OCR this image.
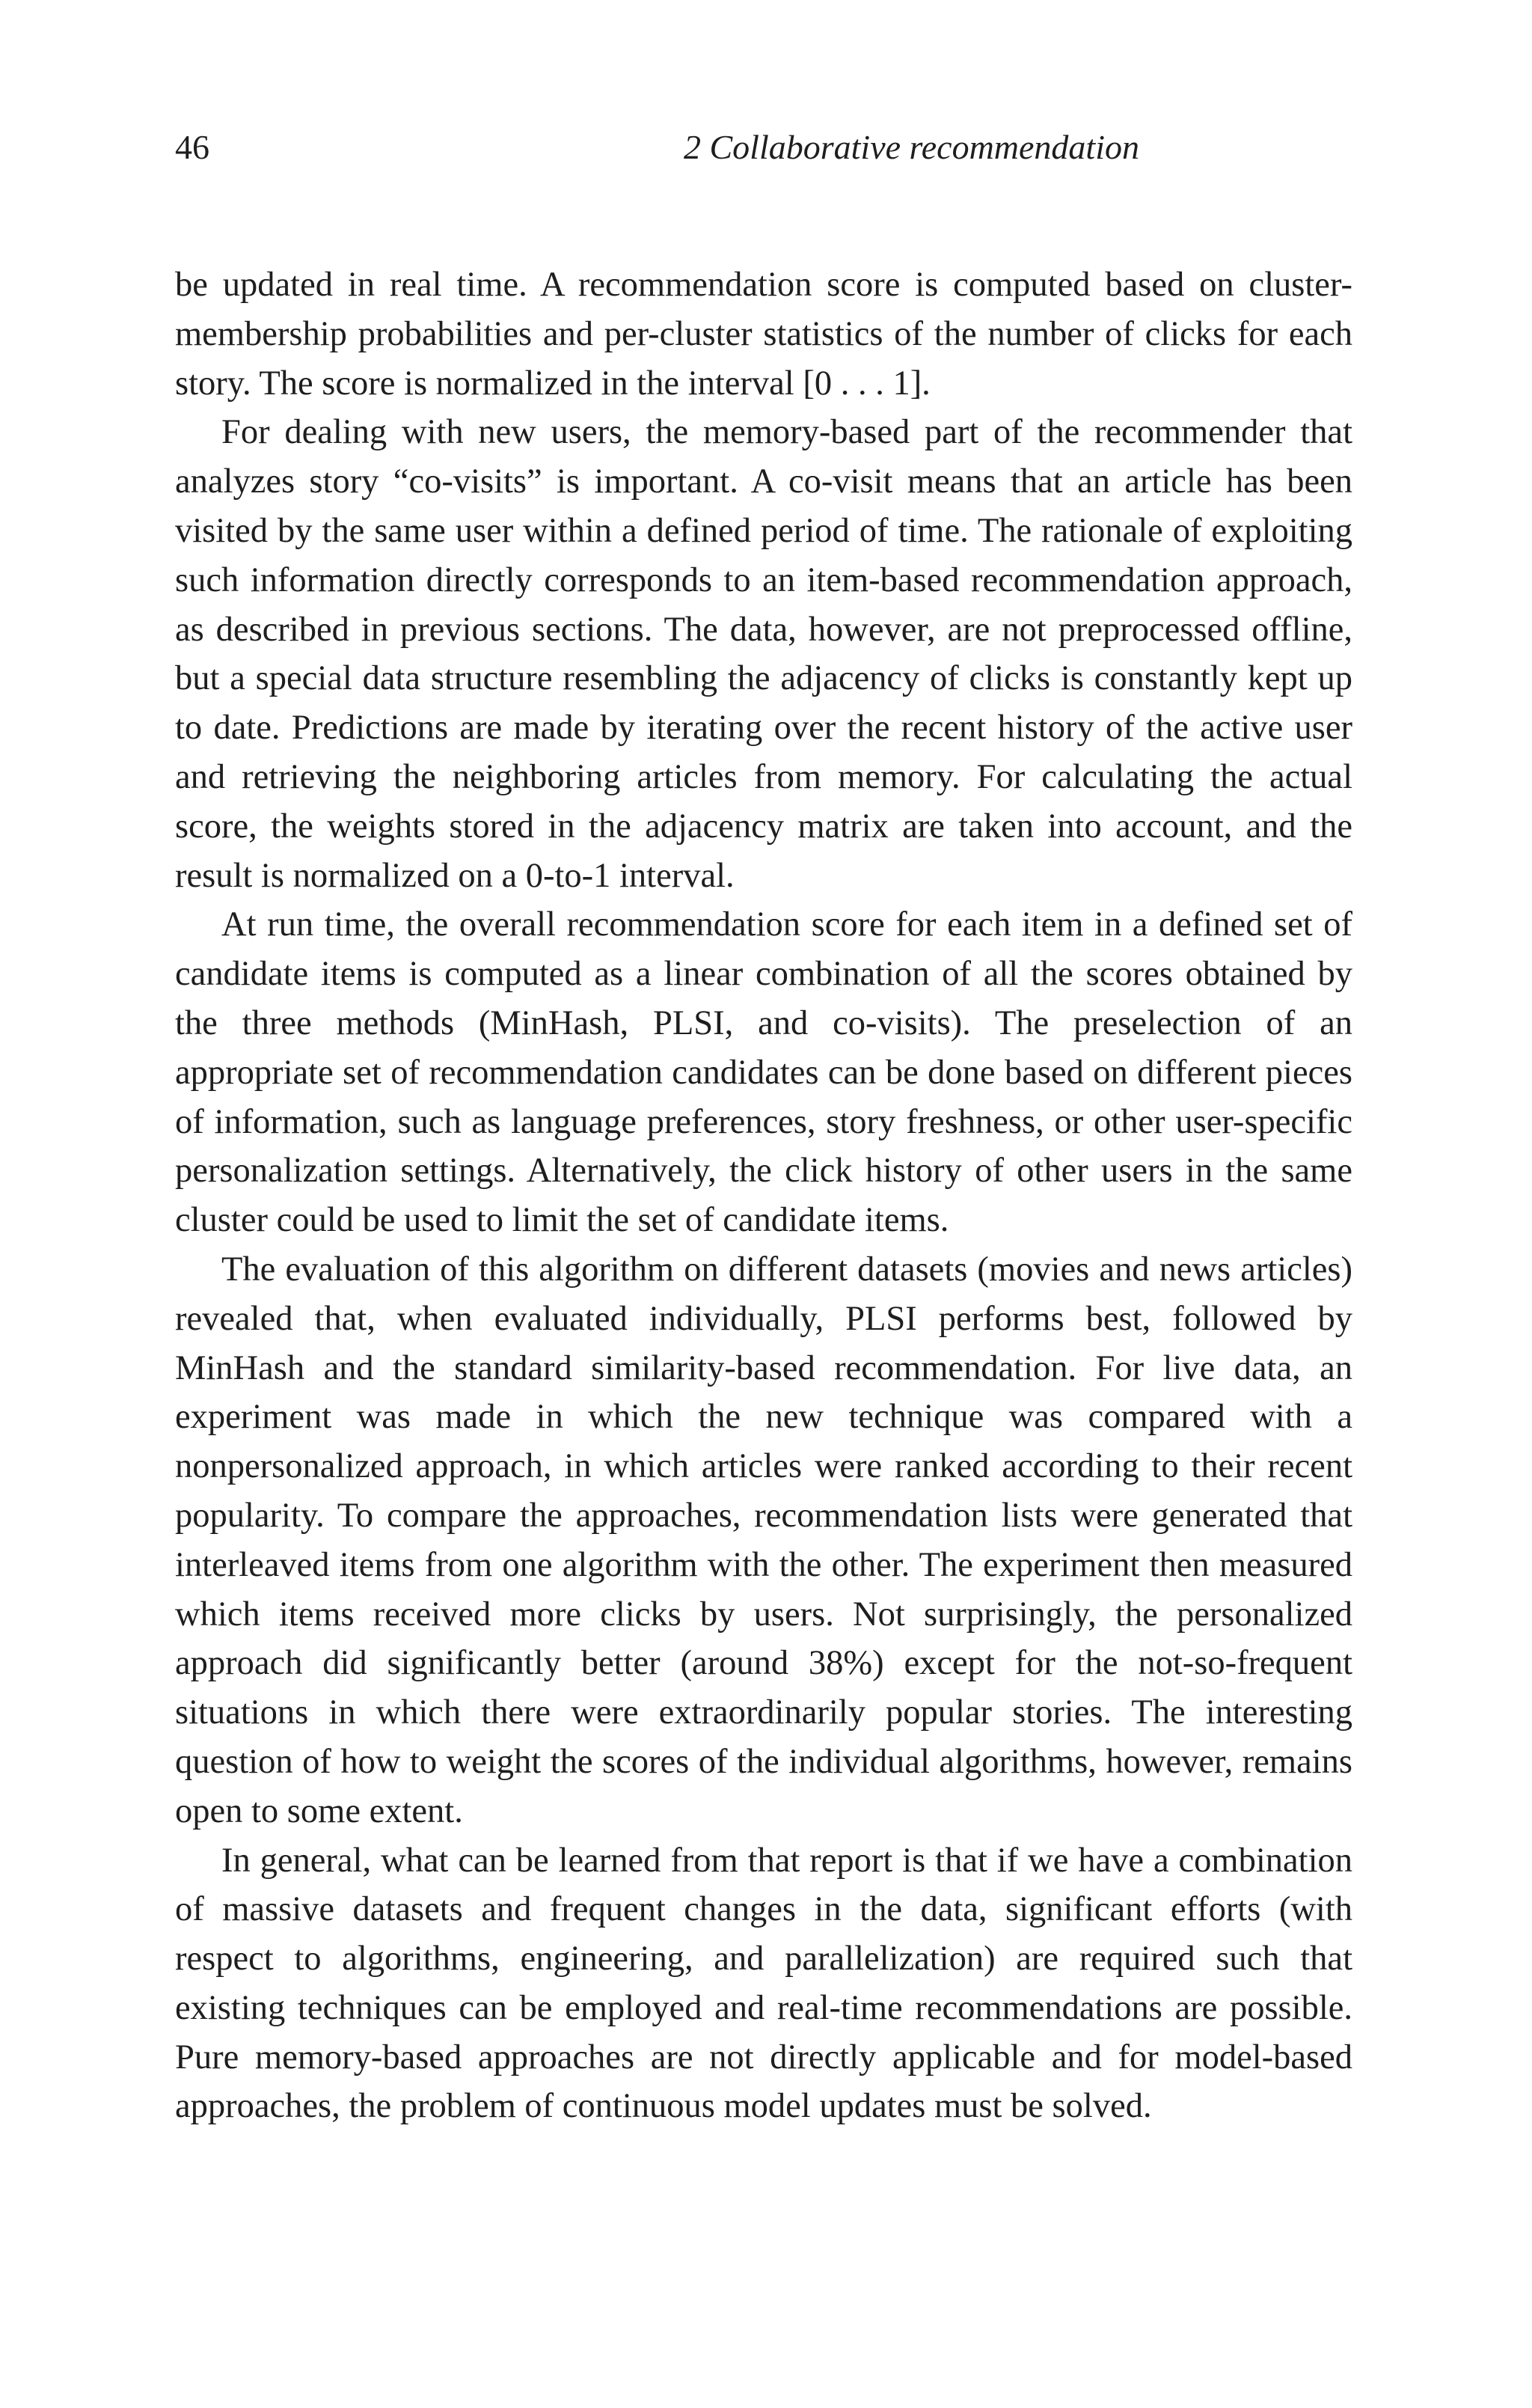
46	2 Collaborative recommendation

be updated in real time. A recommendation score is computed based on cluster-membership probabilities and per-cluster statistics of the number of clicks for each story. The score is normalized in the interval [0 . . . 1].

For dealing with new users, the memory-based part of the recommender that analyzes story “co-visits” is important. A co-visit means that an article has been visited by the same user within a defined period of time. The rationale of exploiting such information directly corresponds to an item-based recommendation approach, as described in previous sections. The data, however, are not preprocessed offline, but a special data structure resembling the adjacency of clicks is constantly kept up to date. Predictions are made by iterating over the recent history of the active user and retrieving the neighboring articles from memory. For calculating the actual score, the weights stored in the adjacency matrix are taken into account, and the result is normalized on a 0-to-1 interval.

At run time, the overall recommendation score for each item in a defined set of candidate items is computed as a linear combination of all the scores obtained by the three methods (MinHash, PLSI, and co-visits). The preselection of an appropriate set of recommendation candidates can be done based on different pieces of information, such as language preferences, story freshness, or other user-specific personalization settings. Alternatively, the click history of other users in the same cluster could be used to limit the set of candidate items.

The evaluation of this algorithm on different datasets (movies and news articles) revealed that, when evaluated individually, PLSI performs best, followed by MinHash and the standard similarity-based recommendation. For live data, an experiment was made in which the new technique was compared with a nonpersonalized approach, in which articles were ranked according to their recent popularity. To compare the approaches, recommendation lists were generated that interleaved items from one algorithm with the other. The experiment then measured which items received more clicks by users. Not surprisingly, the personalized approach did significantly better (around 38%) except for the not-so-frequent situations in which there were extraordinarily popular stories. The interesting question of how to weight the scores of the individual algorithms, however, remains open to some extent.

In general, what can be learned from that report is that if we have a combination of massive datasets and frequent changes in the data, significant efforts (with respect to algorithms, engineering, and parallelization) are required such that existing techniques can be employed and real-time recommendations are possible. Pure memory-based approaches are not directly applicable and for model-based approaches, the problem of continuous model updates must be solved.
